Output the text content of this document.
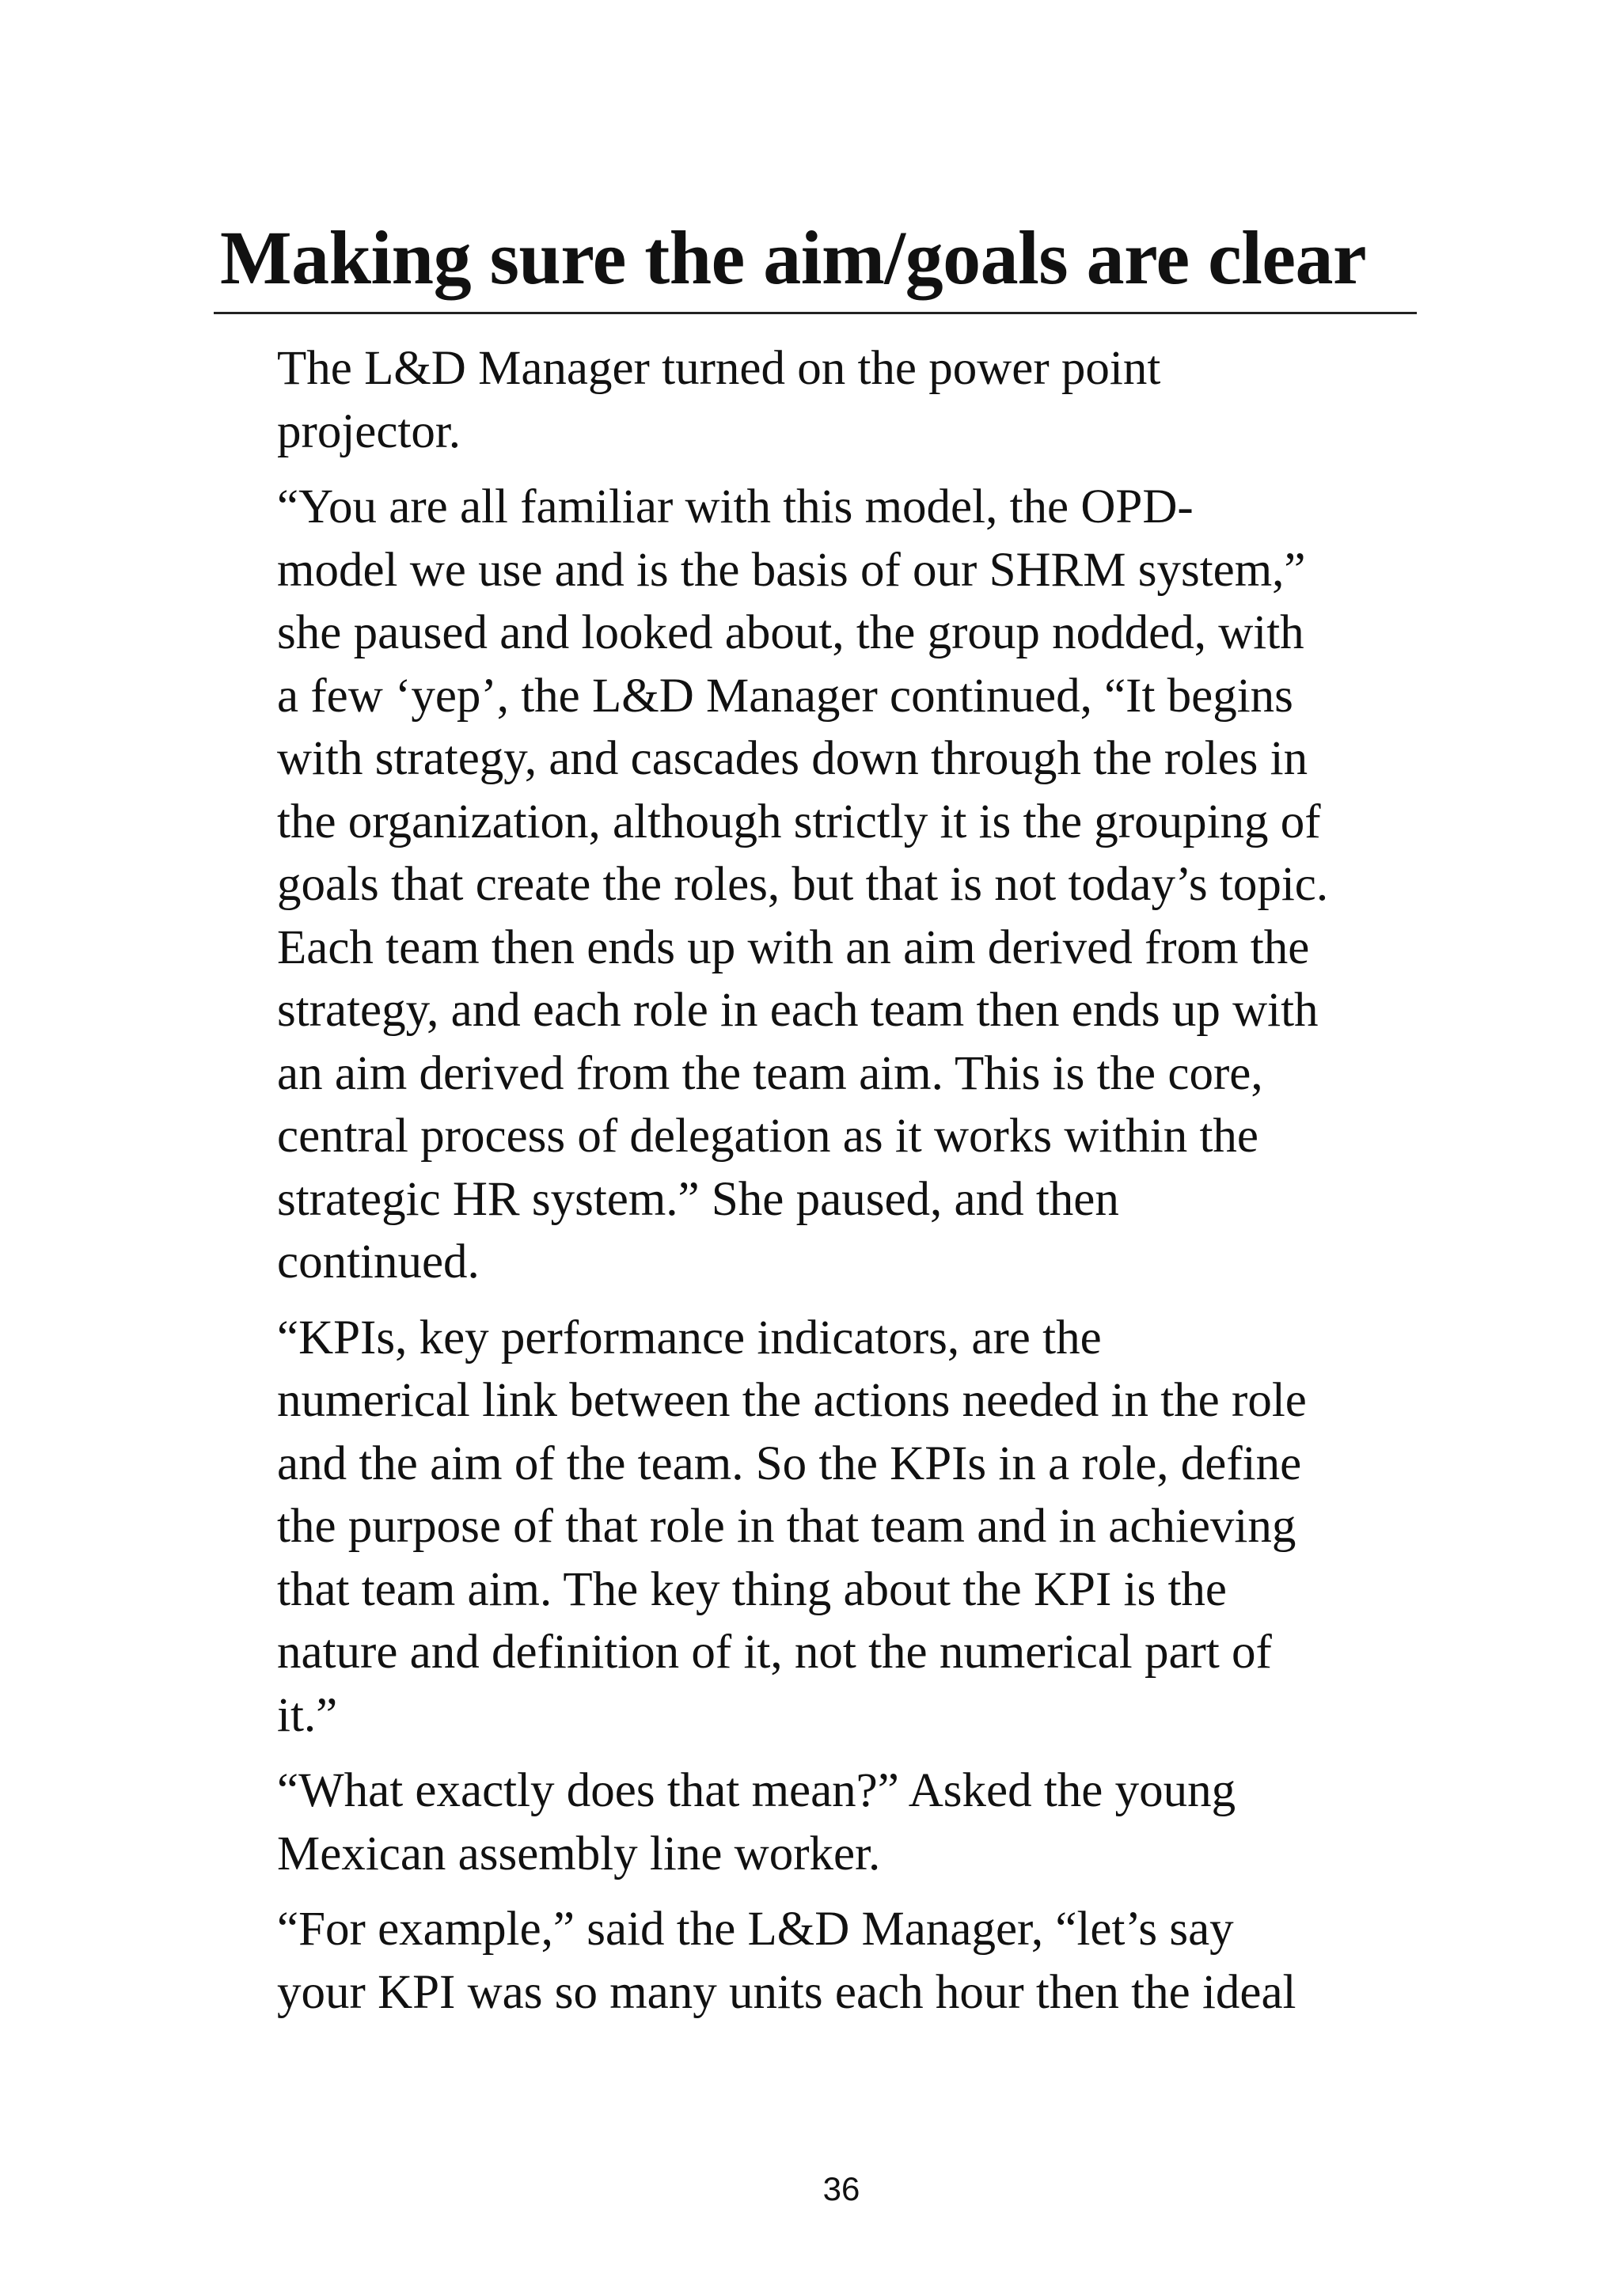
Making sure the aim/goals are clear

The L&D Manager turned on the power point
projector.

“You are all familiar with this model, the OPD-
model we use and is the basis of our SHRM system,”
she paused and looked about, the group nodded, with
a few ‘yep’, the L&D Manager continued, “It begins
with strategy, and cascades down through the roles in
the organization, although strictly it is the grouping of
goals that create the roles, but that is not today’s topic.
Each team then ends up with an aim derived from the
strategy, and each role in each team then ends up with
an aim derived from the team aim. This is the core,
central process of delegation as it works within the
strategic HR system.” She paused, and then
continued.

“KPIs, key performance indicators, are the
numerical link between the actions needed in the role
and the aim of the team. So the KPIs in a role, define
the purpose of that role in that team and in achieving
that team aim. The key thing about the KPI is the
nature and definition of it, not the numerical part of
it.”

“What exactly does that mean?” Asked the young
Mexican assembly line worker.

“For example,” said the L&D Manager, “let’s say
your KPI was so many units each hour then the ideal

36
